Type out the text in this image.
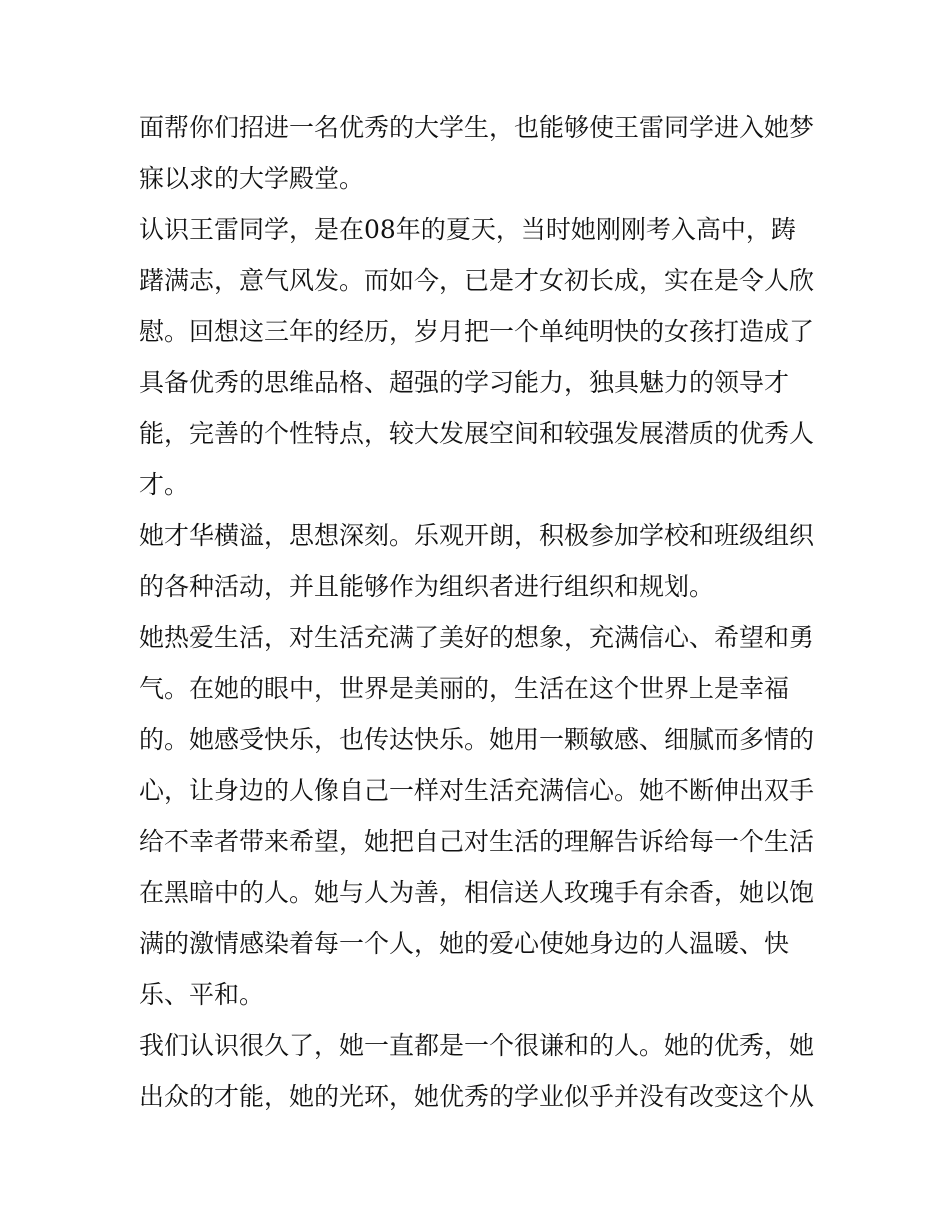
面帮你们招进一名优秀的大学生，也能够使王雷同学进入她梦
寐以求的大学殿堂。
认识王雷同学，是在08年的夏天，当时她刚刚考入高中，踌
躇满志，意气风发。而如今，已是才女初长成，实在是令人欣
慰。回想这三年的经历，岁月把一个单纯明快的女孩打造成了
具备优秀的思维品格、超强的学习能力，独具魅力的领导才
能，完善的个性特点，较大发展空间和较强发展潜质的优秀人
才。
她才华横溢，思想深刻。乐观开朗，积极参加学校和班级组织
的各种活动，并且能够作为组织者进行组织和规划。
她热爱生活，对生活充满了美好的想象，充满信心、希望和勇
气。在她的眼中，世界是美丽的，生活在这个世界上是幸福
的。她感受快乐，也传达快乐。她用一颗敏感、细腻而多情的
心，让身边的人像自己一样对生活充满信心。她不断伸出双手
给不幸者带来希望，她把自己对生活的理解告诉给每一个生活
在黑暗中的人。她与人为善，相信送人玫瑰手有余香，她以饱
满的激情感染着每一个人，她的爱心使她身边的人温暖、快
乐、平和。
我们认识很久了，她一直都是一个很谦和的人。她的优秀，她
出众的才能，她的光环，她优秀的学业似乎并没有改变这个从
